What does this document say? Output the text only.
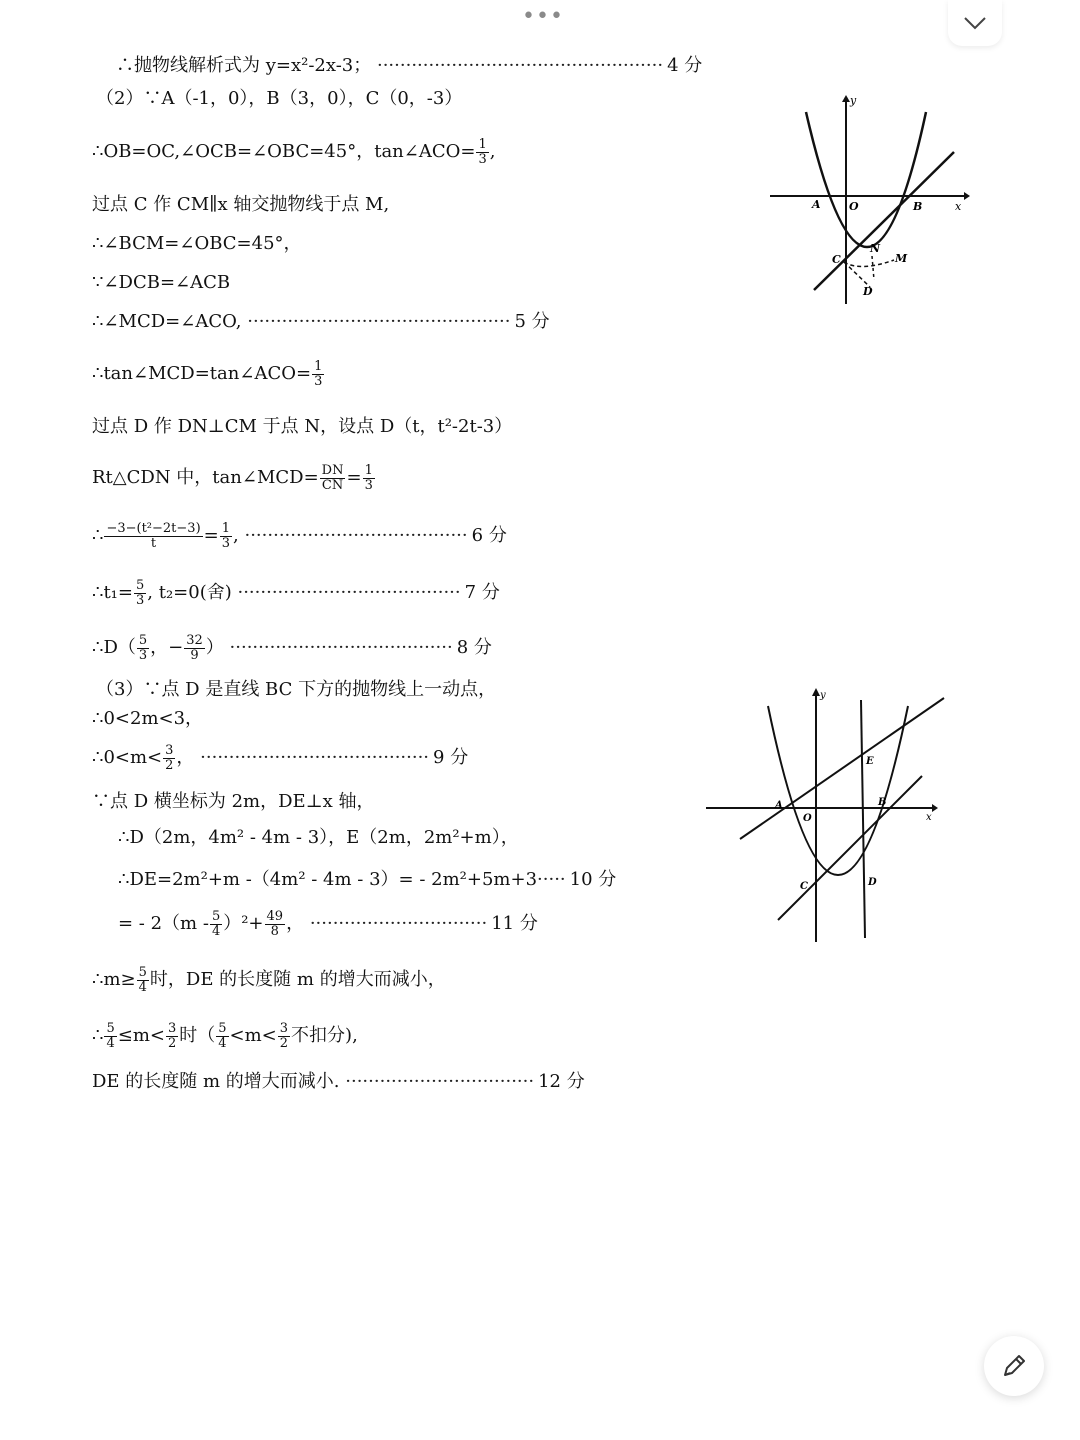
•••
∴抛物线解析式为 y=x²-2x-3； ·················································· 4 分
（2）∵A（-1，0），B（3，0），C（0，-3）
∴OB=OC,∠OCB=∠OBC=45°，tan∠ACO= $\frac{1}{3}$ ,
过点 C 作 CM∥x 轴交抛物线于点 M,
∴∠BCM=∠OBC=45°，
∵∠DCB=∠ACB
∴∠MCD=∠ACO, ·············································· 5 分
∴tan∠MCD=tan∠ACO= $\frac{1}{3}$
过点 D 作 DN⊥CM 于点 N，设点 D（t，t²-2t-3）
Rt△CDN 中，tan∠MCD= $\frac{DN}{CN} = \frac{1}{3}$
∴ $\frac{\text{−3−(t²−2t−3)}}{t} = \frac{1}{3}$ , ······································· 6 分
∴t₁= $\frac{5}{3}$ , t₂=0(舍) ······································· 7 分
∴D（ $\frac{5}{3}$ ，− $\frac{32}{9}$ ） ······································· 8 分
（3）∵点 D 是直线 BC 下方的抛物线上一动点，
∴0<2m<3，
∴0<m< $\frac{3}{2}$ ， ········································ 9 分
∵点 D 横坐标为 2m，DE⊥x 轴，
∴D（2m，4m² - 4m - 3），E（2m，2m²+m），
∴DE=2m²+m -（4m² - 4m - 3）= - 2m²+5m+3····· 10 分
= - $2(m - \frac{5}{4} )^2+ \frac{49}{8}$ ， ······························· 11 分
∴m≥ $\frac{5}{4}$ 时，DE 的长度随 m 的增大而减小，
∴ $\frac{5}{4} \le m< \frac{3}{2}$ 时（ $\frac{5}{4} <m< \frac{3}{2}$ 不扣分),
DE 的长度随 m 的增大而减小. ································· 12 分
y
x
A	O	B
C
N
M
D
y
x
A
O
B
C	D
E
